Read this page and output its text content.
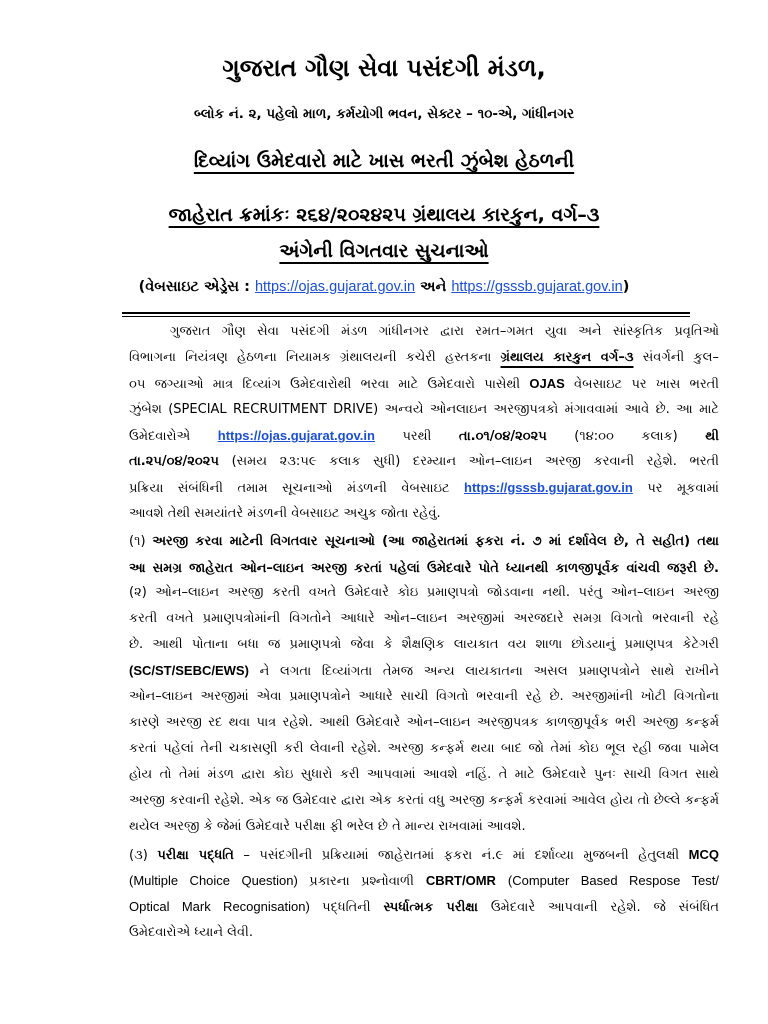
ગુજરાત ગૌણ સેવા પસંદગી મંડળ,
બ્લોક નં. ૨, પહેલો માળ, કર્મયોગી ભવન, સેક્ટર – ૧૦-એ, ગાંધીનગર
દિવ્યાંગ ઉમેદવારો માટે ખાસ ભરતી ઝુંબેશ હેઠળની
જાહેરાત ક્રમાંકઃ ૨૬૪/૨૦૨૪૨૫ ગ્રંથાલય કારકુન, વર્ગ–૩
અંગેની વિગતવાર સુચનાઓ
(વેબસાઇટ એડ્રેસ : https://ojas.gujarat.gov.in અને https://gsssb.gujarat.gov.in)
ગુજરાત ગૌણ સેવા પસંદગી મંડળ ગાંધીનગર દ્વારા રમત–ગમત યુવા અને સાંસ્કૃતિક પ્રવૃતિઓ
વિભાગના નિયંત્રણ હેઠળના નિયામક ગ્રંથાલયની કચેરી હસ્તકના ગ્રંથાલય કારકુન વર્ગ–૩ સંવર્ગની કુલ–
૦૫ જગ્યાઓ માત્ર દિવ્યાંગ ઉમેદવારોથી ભરવા માટે ઉમેદવારો પાસેથી OJAS વેબસાઇટ પર ખાસ ભરતી
ઝુંબેશ (SPECIAL RECRUITMENT DRIVE) અન્વયે ઓનલાઇન અરજીપત્રકો મંગાવવામાં આવે છે. આ માટે
ઉમેદવારોએ https://ojas.gujarat.gov.in પરથી તા.૦૧/૦૪/૨૦૨૫ (૧૪:૦૦ કલાક) થી
તા.૨૫/૦૪/૨૦૨૫ (સમય ૨૩:૫૯ કલાક સુધી) દરમ્યાન ઓન–લાઇન અરજી કરવાની રહેશે. ભરતી
પ્રક્રિયા સંબંધિની તમામ સૂચનાઓ મંડળની વેબસાઇટ https://gsssb.gujarat.gov.in પર મૂકવામાં
આવશે તેથી સમયાંતરે મંડળની વેબસાઇટ અચુક જોતા રહેવું.
(૧) અરજી કરવા માટેની વિગતવાર સૂચનાઓ (આ જાહેરાતમાં ફકરા નં. ૭ માં દર્શાવેલ છે, તે સહીત) તથા
આ સમગ્ર જાહેરાત ઓન–લાઇન અરજી કરતાં પહેલાં ઉમેદવારે પોતે ધ્યાનથી કાળજીપૂર્વક વાંચવી જરૂરી છે.
(૨) ઓન–લાઇન અરજી કરતી વખતે ઉમેદવારે કોઇ પ્રમાણપત્રો જોડવાના નથી. પરંતુ ઓન–લાઇન અરજી
કરતી વખતે પ્રમાણપત્રોમાંની વિગતોને આધારે ઓન–લાઇન અરજીમાં અરજદારે સમગ્ર વિગતો ભરવાની રહે
છે. આથી પોતાના બધા જ પ્રમાણપત્રો જેવા કે શૈક્ષણિક લાયકાત વય શાળા છોડયાનું પ્રમાણપત્ર કેટેગરી
(SC/ST/SEBC/EWS) ને લગતા દિવ્યાંગતા તેમજ અન્ય લાયકાતના અસલ પ્રમાણપત્રોને સાથે રાખીને
ઓન–લાઇન અરજીમાં એવા પ્રમાણપત્રોને આધારે સાચી વિગતો ભરવાની રહે છે. અરજીમાંની ખોટી વિગતોના
કારણે અરજી રદ થવા પાત્ર રહેશે. આથી ઉમેદવારે ઓન–લાઇન અરજીપત્રક કાળજીપૂર્વક ભરી અરજી કન્ફર્મ
કરતાં પહેલાં તેની ચકાસણી કરી લેવાની રહેશે. અરજી કન્ફર્મ થયા બાદ જો તેમાં કોઇ ભૂલ રહી જવા પામેલ
હોય તો તેમાં મંડળ દ્વારા કોઇ સુધારો કરી આપવામાં આવશે નહિં. તે માટે ઉમેદવારે પુનઃ સાચી વિગત સાથે
અરજી કરવાની રહેશે. એક જ ઉમેદવાર દ્વારા એક કરતાં વધુ અરજી કન્ફર્મ કરવામાં આવેલ હોય તો છેલ્લે કન્ફર્મ
થયેલ અરજી કે જેમાં ઉમેદવારે પરીક્ષા ફી ભરેલ છે તે માન્ય રાખવામાં આવશે.
(૩) પરીક્ષા પદ્ધતિ – પસંદગીની પ્રક્રિયામાં જાહેરાતમાં ફકરા નં.૯ માં દર્શાવ્યા મુજબની હેતુલક્ષી MCQ
(Multiple Choice Question) પ્રકારના પ્રશ્નોવાળી CBRT/OMR (Computer Based Respose Test/
Optical Mark Recognisation) પદ્ધતિની સ્પર્ધાત્મક પરીક્ષા ઉમેદવારે આપવાની રહેશે. જે સંબંધિત
ઉમેદવારોએ ધ્યાને લેવી.
